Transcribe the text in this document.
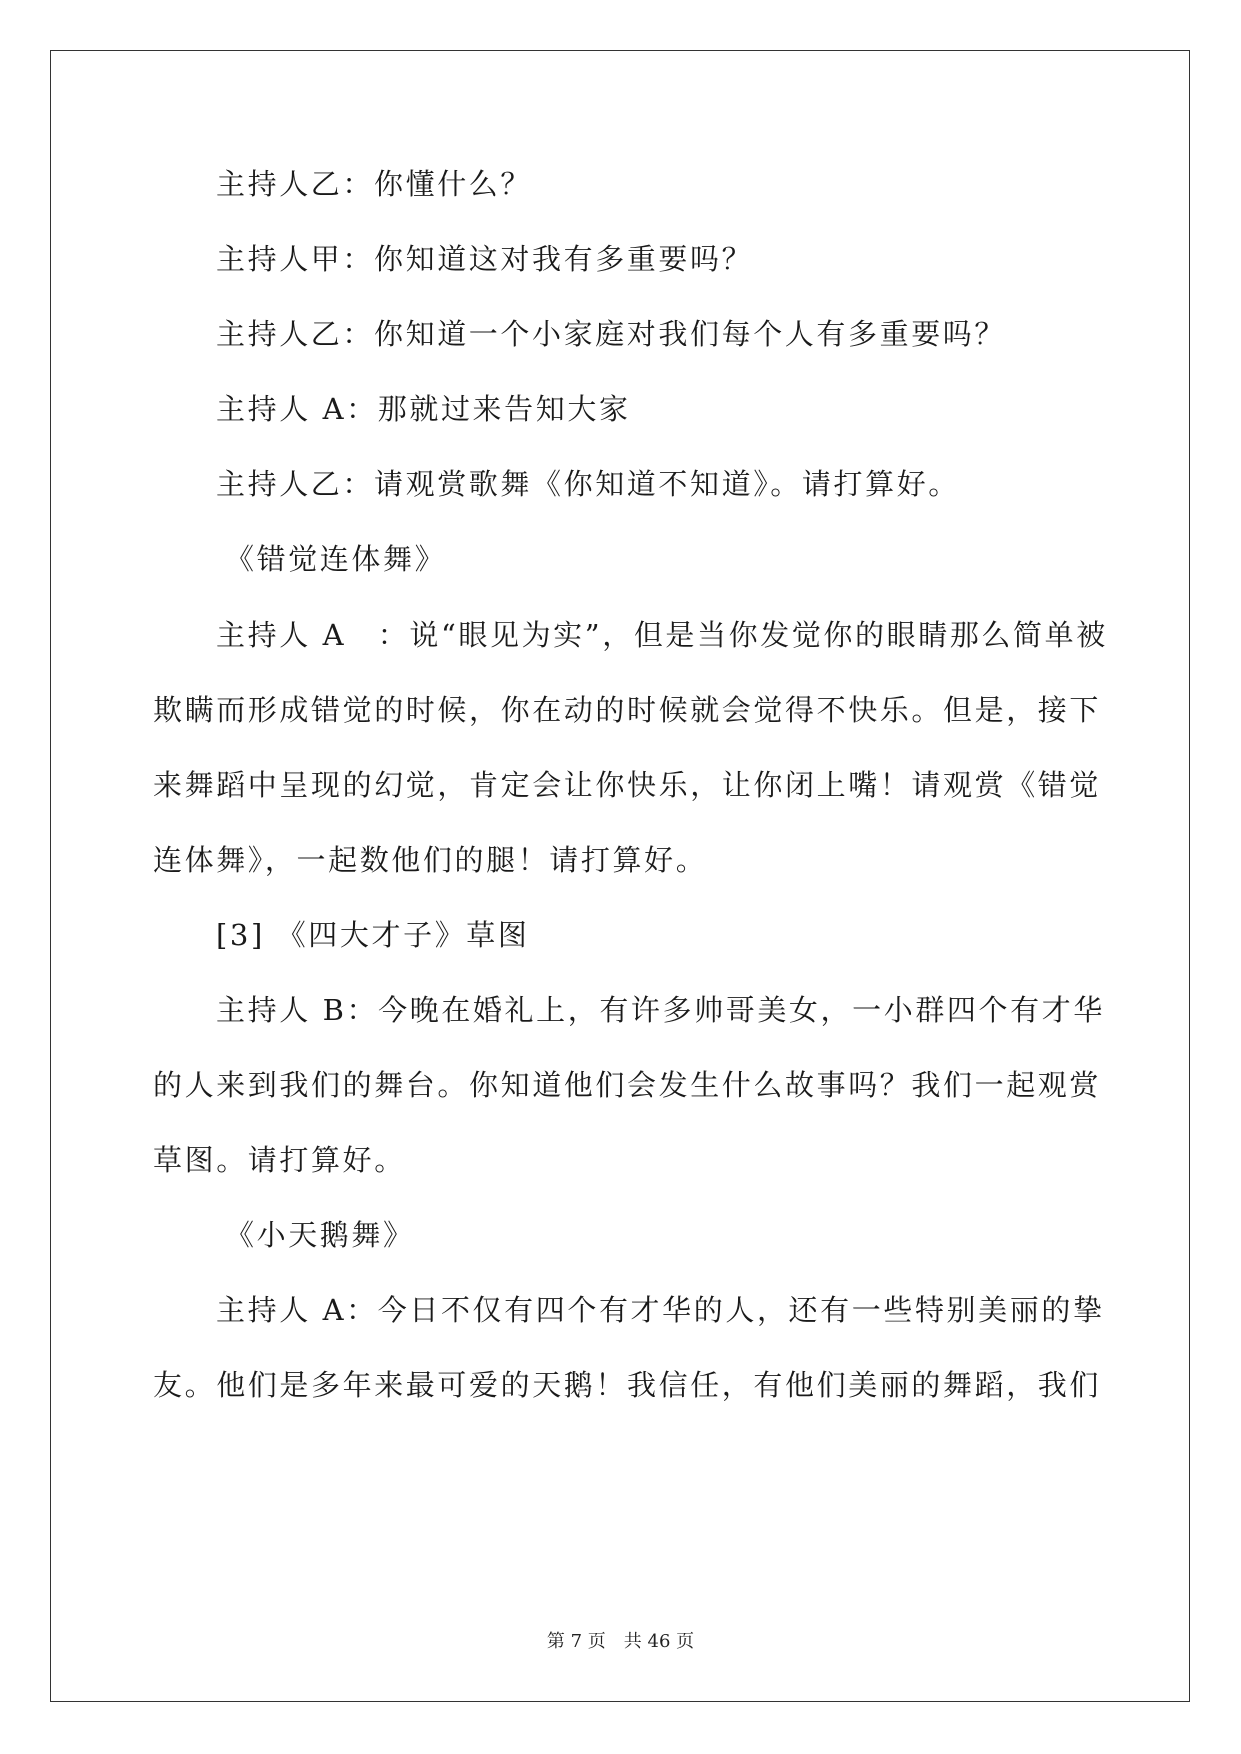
主持人乙：你懂什么？
主持人甲：你知道这对我有多重要吗？
主持人乙：你知道一个小家庭对我们每个人有多重要吗？
主持人 A：那就过来告知大家
主持人乙：请观赏歌舞《你知道不知道》。请打算好。
《错觉连体舞》
主持人 A　：说“眼见为实”，但是当你发觉你的眼睛那么简单被
欺瞒而形成错觉的时候，你在动的时候就会觉得不快乐。但是，接下
来舞蹈中呈现的幻觉，肯定会让你快乐，让你闭上嘴！请观赏《错觉
连体舞》，一起数他们的腿！请打算好。
[3] 《四大才子》草图
主持人 B：今晚在婚礼上，有许多帅哥美女，一小群四个有才华
的人来到我们的舞台。你知道他们会发生什么故事吗？我们一起观赏
草图。请打算好。
《小天鹅舞》
主持人 A：今日不仅有四个有才华的人，还有一些特别美丽的挚
友。他们是多年来最可爱的天鹅！我信任，有他们美丽的舞蹈，我们
第 7 页 共 46 页
